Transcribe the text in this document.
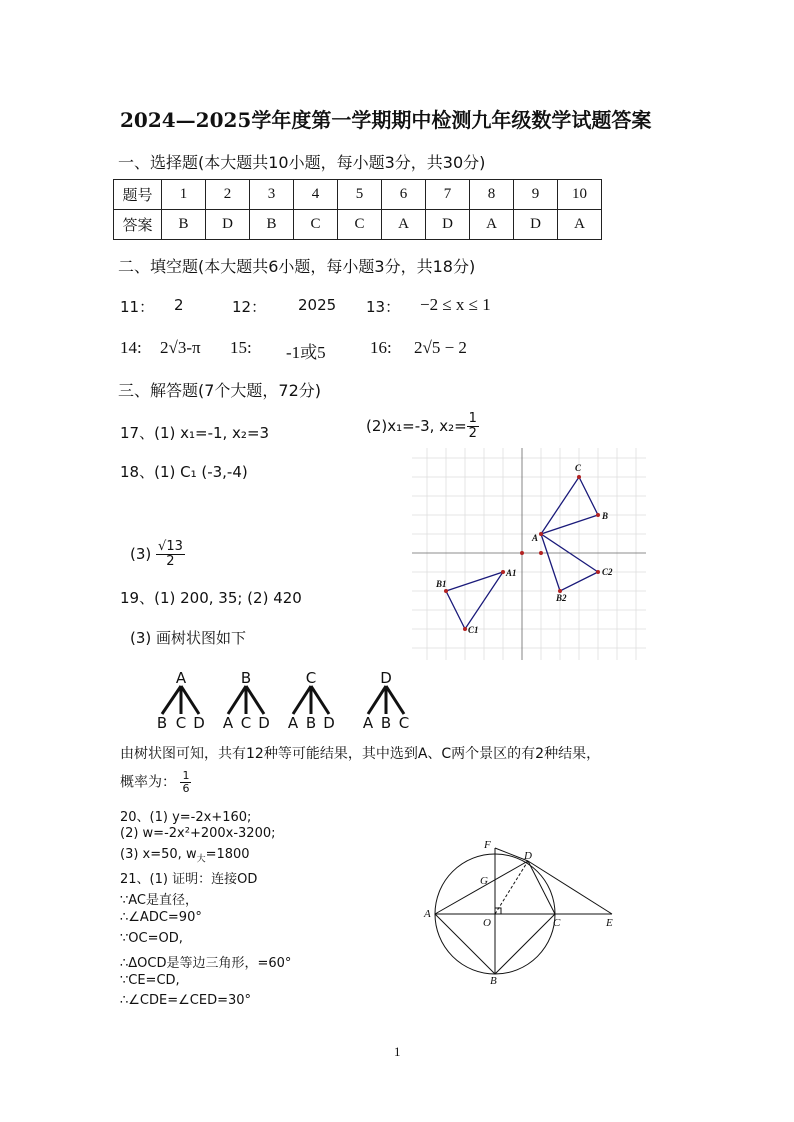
2024—2025学年度第一学期期中检测九年级数学试题答案
一、选择题(本大题共10小题，每小题3分，共30分)
题号	1	2	3	4	5	6	7	8	9	10
答案	B	D	B	C	C	A	D	A	D	A
二、填空题(本大题共6小题，每小题3分，共18分)
11： 2	12： 2025 13： −2 ≤ x ≤ 1
14: 2√3-π 15: -1或5	16: 2√5 − 2
三、解答题(7个大题，72分)
17、(1) x₁=-1, x₂=3	(2)x₁=-3, $x_2= \frac{1}{2}$
18、(1) C₁ (-3,-4)
$(3) \frac{√13}{2}$
C
B
A
A1
B1
C1
B2
C2
19、(1) 200, 35; (2) 420
(3) 画树状图如下
A	B	C	D
B C D A C D A B D A B C
由树状图可知，共有12种等可能结果，其中选到A、C两个景区的有2种结果，
概率为： $\frac{1}{6}$
20、(1) y=-2x+160;
(2) w=-2x²+200x-3200;
(3) x=50, $w_大=1800$
21、(1) 证明：连接OD
∵AC是直径，
∴∠ADC=90°
∵OC=OD,
∴ΔOCD是等边三角形，=60°
∵CE=CD,
∴∠CDE=∠CED=30°
F
D
G
A
O	C	E
B
1
